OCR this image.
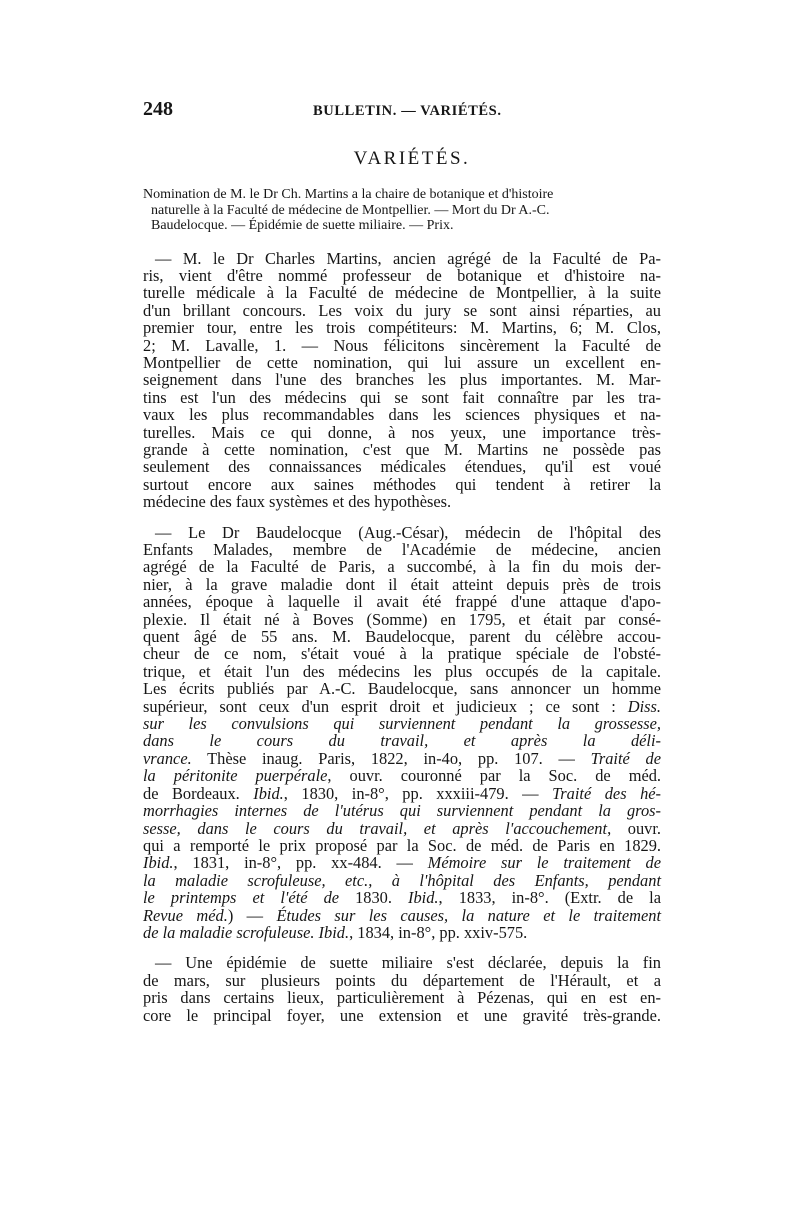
248	BULLETIN. — VARIÉTÉS.
VARIÉTÉS.
Nomination de M. le Dr Ch. Martins a la chaire de botanique et d'histoire
naturelle à la Faculté de médecine de Montpellier. — Mort du Dr A.-C.
Baudelocque. — Épidémie de suette miliaire. — Prix.
— M. le Dr Charles Martins, ancien agrégé de la Faculté de Pa-
ris, vient d'être nommé professeur de botanique et d'histoire na-
turelle médicale à la Faculté de médecine de Montpellier, à la suite
d'un brillant concours. Les voix du jury se sont ainsi réparties, au
premier tour, entre les trois compétiteurs: M. Martins, 6; M. Clos,
2; M. Lavalle, 1. — Nous félicitons sincèrement la Faculté de
Montpellier de cette nomination, qui lui assure un excellent en-
seignement dans l'une des branches les plus importantes. M. Mar-
tins est l'un des médecins qui se sont fait connaître par les tra-
vaux les plus recommandables dans les sciences physiques et na-
turelles. Mais ce qui donne, à nos yeux, une importance très-
grande à cette nomination, c'est que M. Martins ne possède pas
seulement des connaissances médicales étendues, qu'il est voué
surtout encore aux saines méthodes qui tendent à retirer la
médecine des faux systèmes et des hypothèses.
— Le Dr Baudelocque (Aug.-César), médecin de l'hôpital des
Enfants Malades, membre de l'Académie de médecine, ancien
agrégé de la Faculté de Paris, a succombé, à la fin du mois der-
nier, à la grave maladie dont il était atteint depuis près de trois
années, époque à laquelle il avait été frappé d'une attaque d'apo-
plexie. Il était né à Boves (Somme) en 1795, et était par consé-
quent âgé de 55 ans. M. Baudelocque, parent du célèbre accou-
cheur de ce nom, s'était voué à la pratique spéciale de l'obsté-
trique, et était l'un des médecins les plus occupés de la capitale.
Les écrits publiés par A.-C. Baudelocque, sans annoncer un homme
supérieur, sont ceux d'un esprit droit et judicieux ; ce sont : Diss.
sur les convulsions qui surviennent pendant la grossesse,
dans le cours du travail, et après la déli-
vrance. Thèse inaug. Paris, 1822, in-4o, pp. 107. — Traité de
la péritonite puerpérale, ouvr. couronné par la Soc. de méd.
de Bordeaux. Ibid., 1830, in-8°, pp. xxxiii-479. — Traité des hé-
morrhagies internes de l'utérus qui surviennent pendant la gros-
sesse, dans le cours du travail, et après l'accouchement, ouvr.
qui a remporté le prix proposé par la Soc. de méd. de Paris en 1829.
Ibid., 1831, in-8°, pp. xx-484. — Mémoire sur le traitement de
la maladie scrofuleuse, etc., à l'hôpital des Enfants, pendant
le printemps et l'été de 1830. Ibid., 1833, in-8°. (Extr. de la
Revue méd.) — Études sur les causes, la nature et le traitement
de la maladie scrofuleuse. Ibid., 1834, in-8°, pp. xxiv-575.
— Une épidémie de suette miliaire s'est déclarée, depuis la fin
de mars, sur plusieurs points du département de l'Hérault, et a
pris dans certains lieux, particulièrement à Pézenas, qui en est en-
core le principal foyer, une extension et une gravité très-grande.
